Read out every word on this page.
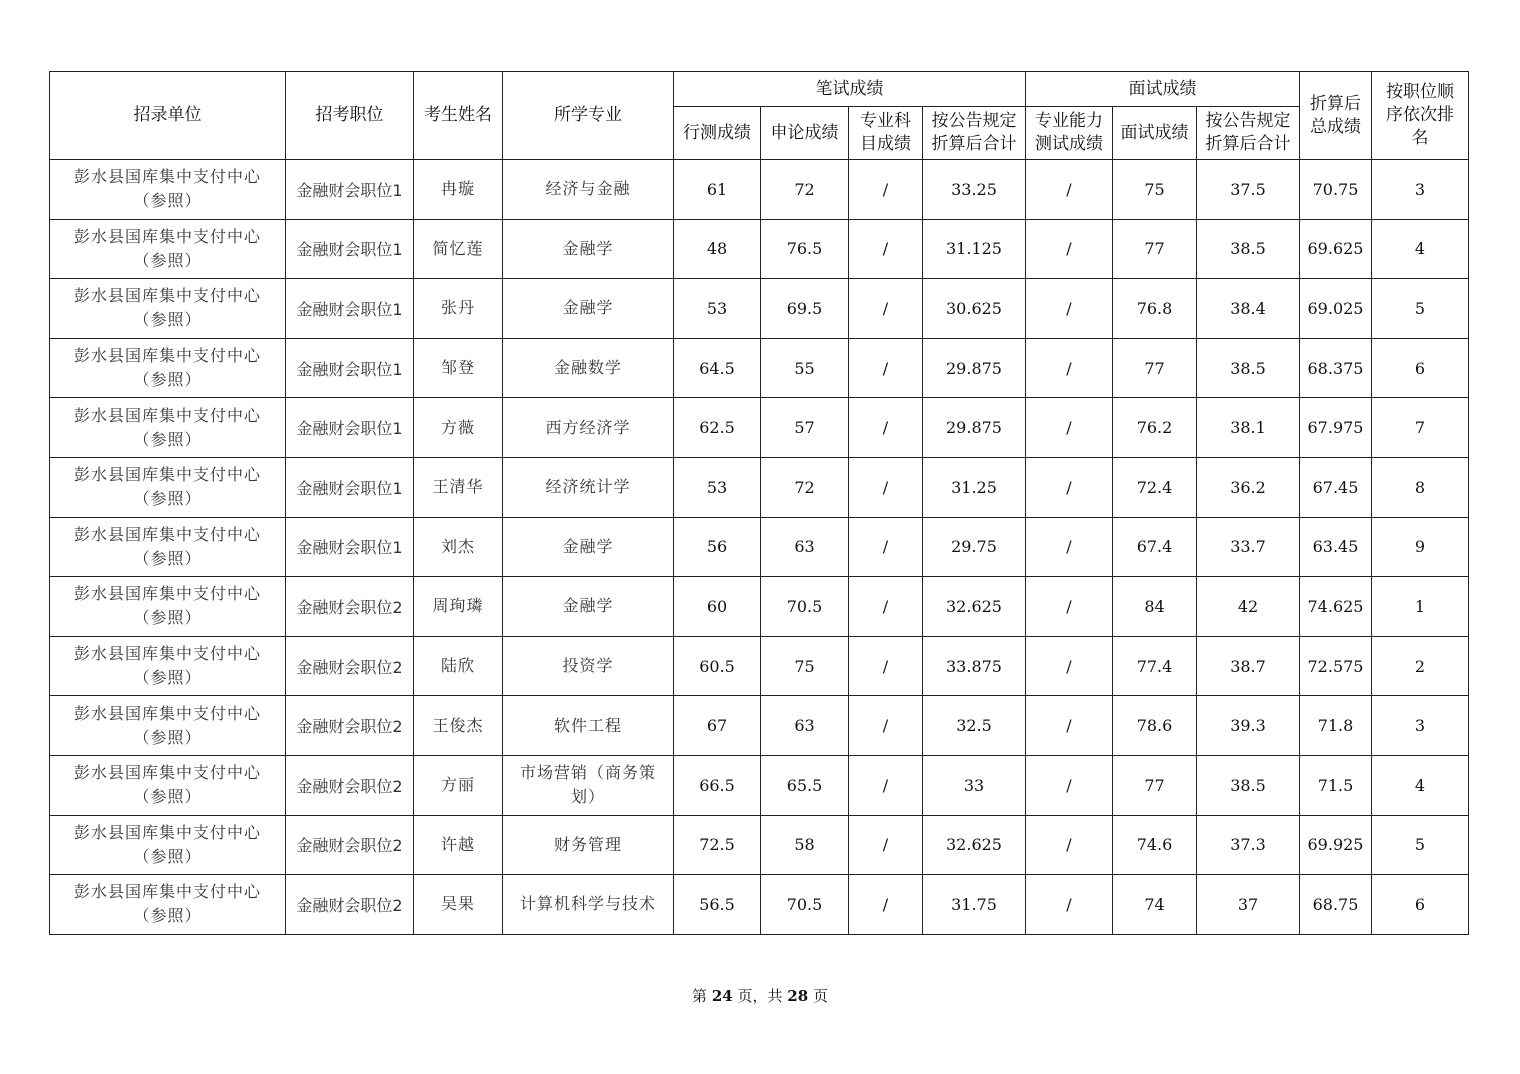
招录单位	招考职位	考生姓名	所学专业	笔试成绩				面试成绩			折算后总成绩	按职位顺序依次排名
				行测成绩	申论成绩	专业科目成绩	按公告规定折算后合计	专业能力测试成绩	面试成绩	按公告规定折算后合计		
彭水县国库集中支付中心（参照）	金融财会职位1	冉璇	经济与金融	61	72	/	33.25	/	75	37.5	70.75	3
彭水县国库集中支付中心（参照）	金融财会职位1	简忆莲	金融学	48	76.5	/	31.125	/	77	38.5	69.625	4
彭水县国库集中支付中心（参照）	金融财会职位1	张丹	金融学	53	69.5	/	30.625	/	76.8	38.4	69.025	5
彭水县国库集中支付中心（参照）	金融财会职位1	邹登	金融数学	64.5	55	/	29.875	/	77	38.5	68.375	6
彭水县国库集中支付中心（参照）	金融财会职位1	方薇	西方经济学	62.5	57	/	29.875	/	76.2	38.1	67.975	7
彭水县国库集中支付中心（参照）	金融财会职位1	王清华	经济统计学	53	72	/	31.25	/	72.4	36.2	67.45	8
彭水县国库集中支付中心（参照）	金融财会职位1	刘杰	金融学	56	63	/	29.75	/	67.4	33.7	63.45	9
彭水县国库集中支付中心（参照）	金融财会职位2	周珣璘	金融学	60	70.5	/	32.625	/	84	42	74.625	1
彭水县国库集中支付中心（参照）	金融财会职位2	陆欣	投资学	60.5	75	/	33.875	/	77.4	38.7	72.575	2
彭水县国库集中支付中心（参照）	金融财会职位2	王俊杰	软件工程	67	63	/	32.5	/	78.6	39.3	71.8	3
彭水县国库集中支付中心（参照）	金融财会职位2	方丽	市场营销（商务策划）	66.5	65.5	/	33	/	77	38.5	71.5	4
彭水县国库集中支付中心（参照）	金融财会职位2	许越	财务管理	72.5	58	/	32.625	/	74.6	37.3	69.925	5
彭水县国库集中支付中心（参照）	金融财会职位2	吴果	计算机科学与技术	56.5	70.5	/	31.75	/	74	37	68.75	6
第 24 页，共 28 页
